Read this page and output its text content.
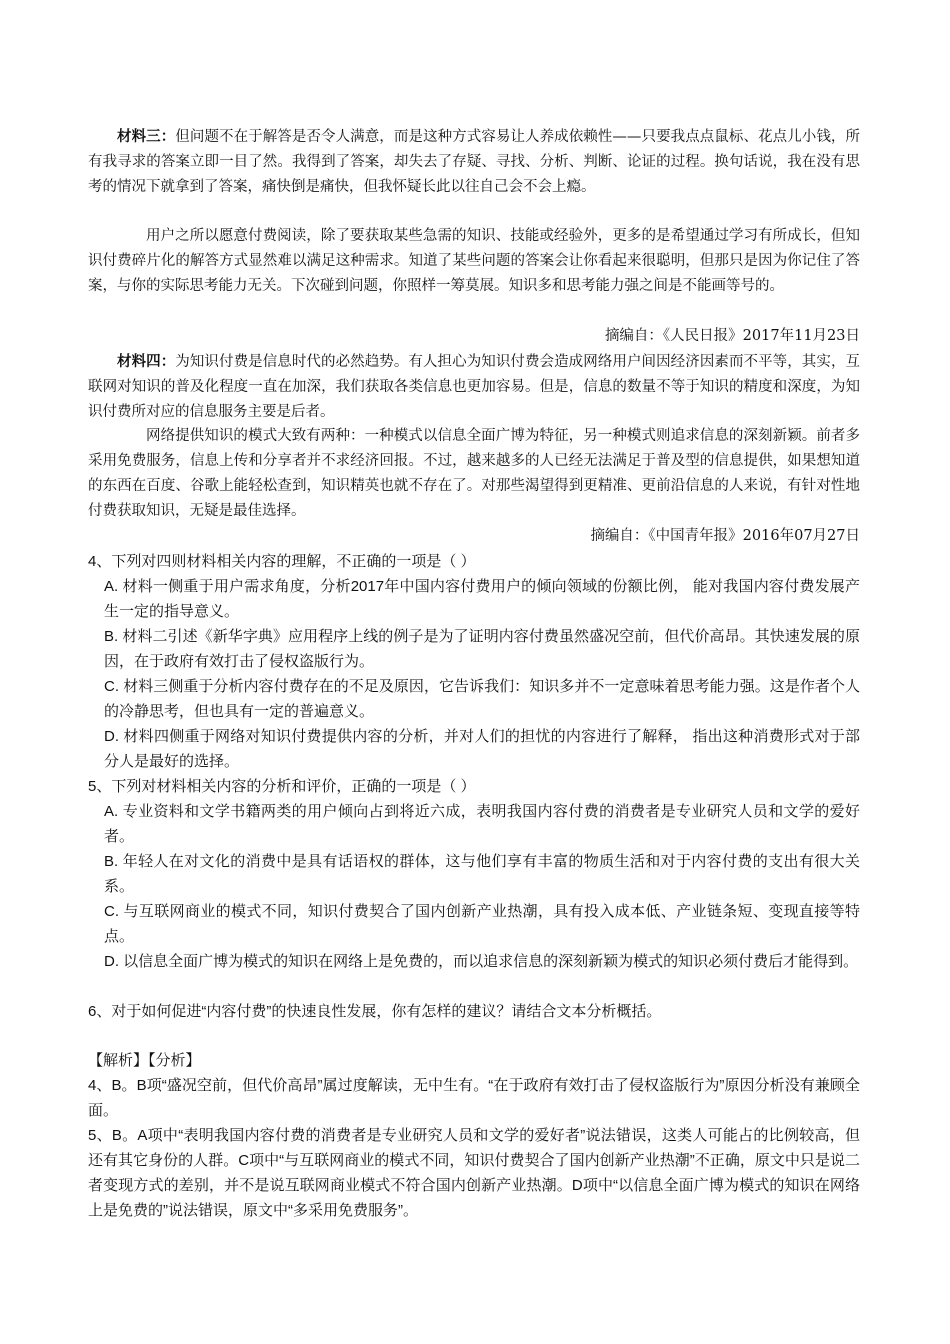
材料三：但问题不在于解答是否令人满意，而是这种方式容易让人养成依赖性——只要我点点鼠标、花点儿小钱，所有我寻求的答案立即一目了然。我得到了答案，却失去了存疑、寻找、分析、判断、论证的过程。换句话说，我在没有思考的情况下就拿到了答案，痛快倒是痛快，但我怀疑长此以往自己会不会上瘾。
用户之所以愿意付费阅读，除了要获取某些急需的知识、技能或经验外，更多的是希望通过学习有所成长，但知识付费碎片化的解答方式显然难以满足这种需求。知道了某些问题的答案会让你看起来很聪明，但那只是因为你记住了答案，与你的实际思考能力无关。下次碰到问题，你照样一筹莫展。知识多和思考能力强之间是不能画等号的。
摘编自：《人民日报》2017年11月23日
材料四：为知识付费是信息时代的必然趋势。有人担心为知识付费会造成网络用户间因经济因素而不平等，其实，互联网对知识的普及化程度一直在加深，我们获取各类信息也更加容易。但是，信息的数量不等于知识的精度和深度，为知识付费所对应的信息服务主要是后者。
网络提供知识的模式大致有两种：一种模式以信息全面广博为特征，另一种模式则追求信息的深刻新颖。前者多采用免费服务，信息上传和分享者并不求经济回报。不过，越来越多的人已经无法满足于普及型的信息提供，如果想知道的东西在百度、谷歌上能轻松查到，知识精英也就不存在了。对那些渴望得到更精准、更前沿信息的人来说，有针对性地付费获取知识，无疑是最佳选择。
摘编自：《中国青年报》2016年07月27日
4、下列对四则材料相关内容的理解，不正确的一项是（ ）
A. 材料一侧重于用户需求角度，分析2017年中国内容付费用户的倾向领域的份额比例， 能对我国内容付费发展产生一定的指导意义。
B. 材料二引述《新华字典》应用程序上线的例子是为了证明内容付费虽然盛况空前，但代价高昂。其快速发展的原因，在于政府有效打击了侵权盗版行为。
C. 材料三侧重于分析内容付费存在的不足及原因，它告诉我们：知识多并不一定意味着思考能力强。这是作者个人的冷静思考，但也具有一定的普遍意义。
D. 材料四侧重于网络对知识付费提供内容的分析，并对人们的担忧的内容进行了解释， 指出这种消费形式对于部分人是最好的选择。
5、下列对材料相关内容的分析和评价，正确的一项是（ ）
A. 专业资料和文学书籍两类的用户倾向占到将近六成，表明我国内容付费的消费者是专业研究人员和文学的爱好者。
B. 年轻人在对文化的消费中是具有话语权的群体，这与他们享有丰富的物质生活和对于内容付费的支出有很大关系。
C. 与互联网商业的模式不同，知识付费契合了国内创新产业热潮，具有投入成本低、产业链条短、变现直接等特点。
D. 以信息全面广博为模式的知识在网络上是免费的，而以追求信息的深刻新颖为模式的知识必须付费后才能得到。
6、对于如何促进“内容付费”的快速良性发展，你有怎样的建议？请结合文本分析概括。
【解析】【分析】
4、B。B项“盛况空前，但代价高昂”属过度解读，无中生有。“在于政府有效打击了侵权盗版行为”原因分析没有兼顾全面。
5、B。A项中“表明我国内容付费的消费者是专业研究人员和文学的爱好者”说法错误，这类人可能占的比例较高，但还有其它身份的人群。C项中“与互联网商业的模式不同，知识付费契合了国内创新产业热潮”不正确，原文中只是说二者变现方式的差别，并不是说互联网商业模式不符合国内创新产业热潮。D项中“以信息全面广博为模式的知识在网络上是免费的”说法错误，原文中“多采用免费服务”。
